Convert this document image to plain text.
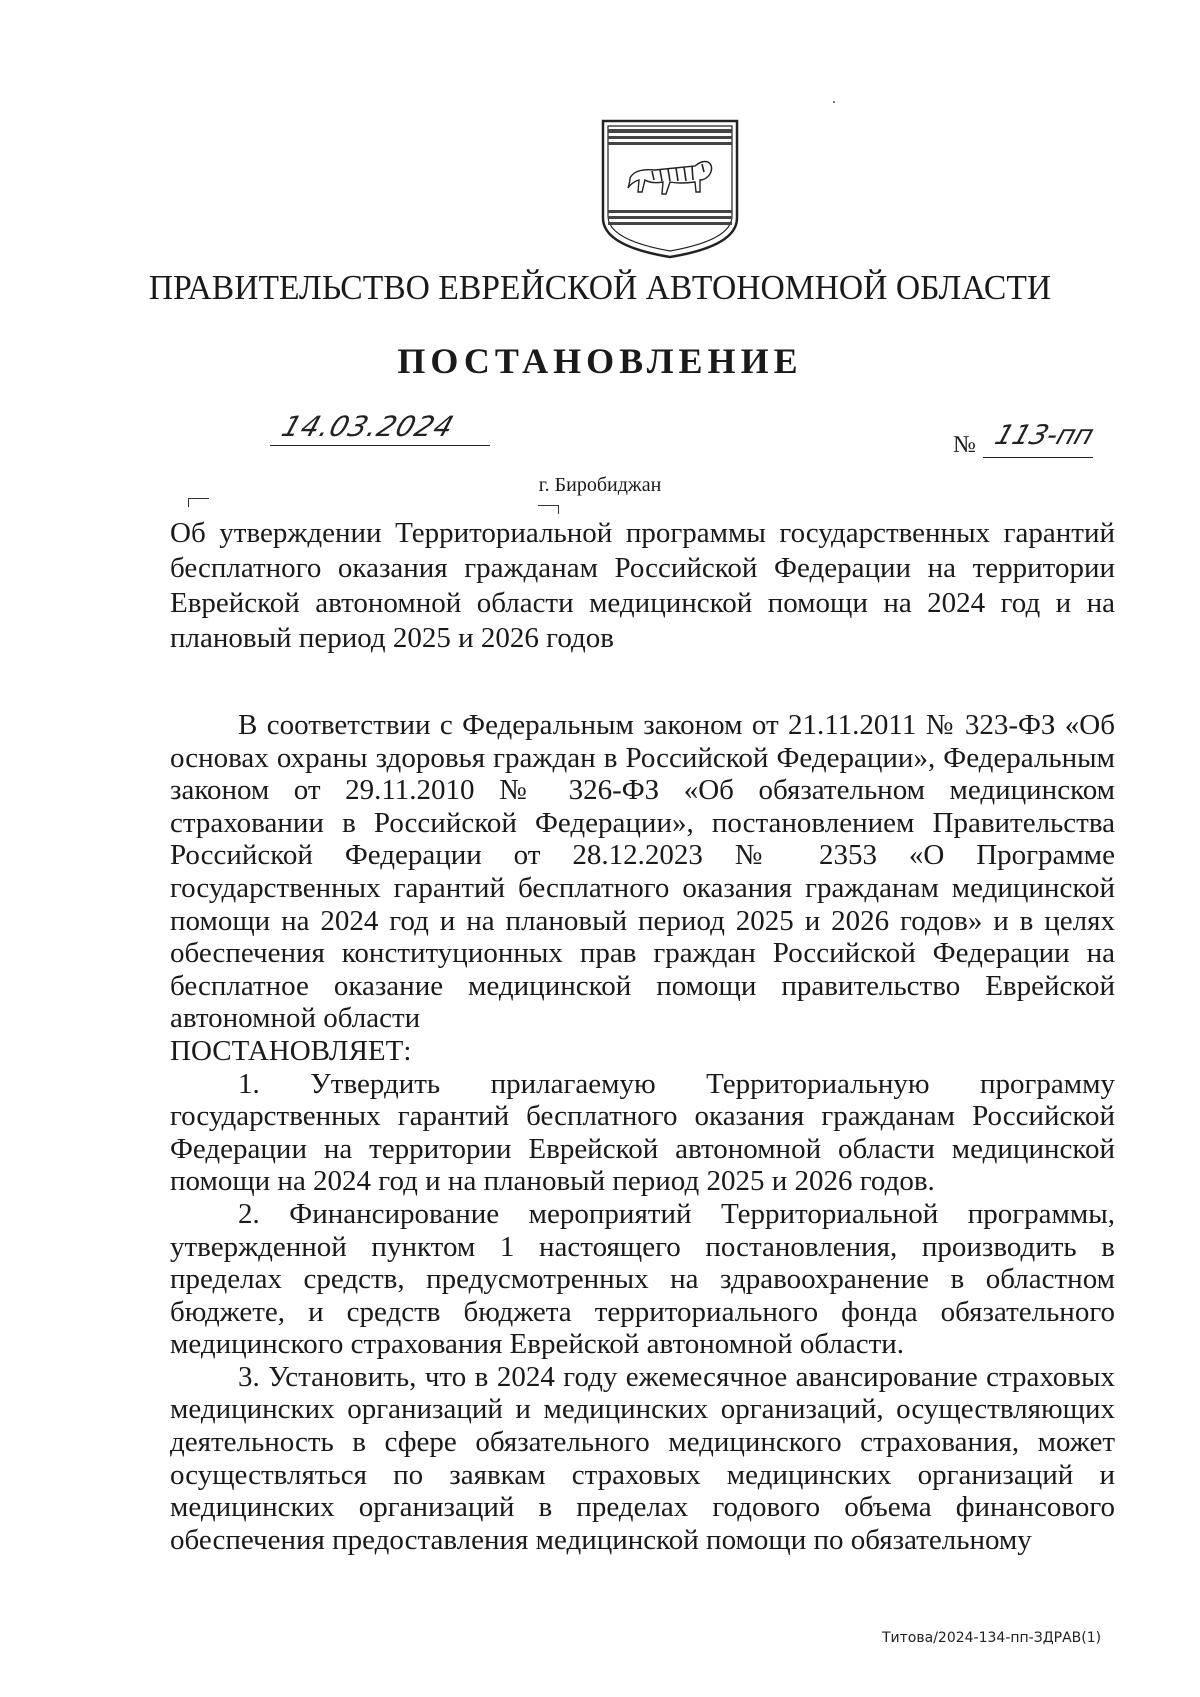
ПРАВИТЕЛЬСТВО ЕВРЕЙСКОЙ АВТОНОМНОЙ ОБЛАСТИ
ПОСТАНОВЛЕНИЕ
14.03.2024
№ 113-пп
г. Биробиджан
Об утверждении Территориальной программы государственных гарантий бесплатного оказания гражданам Российской Федерации на территории Еврейской автономной области медицинской помощи на 2024 год и на плановый период 2025 и 2026 годов

В соответствии с Федеральным законом от 21.11.2011 № 323-ФЗ «Об основах охраны здоровья граждан в Российской Федерации», Федеральным законом от 29.11.2010 № 326-ФЗ «Об обязательном медицинском страховании в Российской Федерации», постановлением Правительства Российской Федерации от 28.12.2023 № 2353 «О Программе государственных гарантий бесплатного оказания гражданам медицинской помощи на 2024 год и на плановый период 2025 и 2026 годов» и в целях обеспечения конституционных прав граждан Российской Федерации на бесплатное оказание медицинской помощи правительство Еврейской автономной области

ПОСТАНОВЛЯЕТ:

1. Утвердить прилагаемую Территориальную программу государственных гарантий бесплатного оказания гражданам Российской Федерации на территории Еврейской автономной области медицинской помощи на 2024 год и на плановый период 2025 и 2026 годов.

2. Финансирование мероприятий Территориальной программы, утвержденной пунктом 1 настоящего постановления, производить в пределах средств, предусмотренных на здравоохранение в областном бюджете, и средств бюджета территориального фонда обязательного медицинского страхования Еврейской автономной области.

3. Установить, что в 2024 году ежемесячное авансирование страховых медицинских организаций и медицинских организаций, осуществляющих деятельность в сфере обязательного медицинского страхования, может осуществляться по заявкам страховых медицинских организаций и медицинских организаций в пределах годового объема финансового обеспечения предоставления медицинской помощи по обязательному

Титова/2024-134-пп-ЗДРАВ(1)
